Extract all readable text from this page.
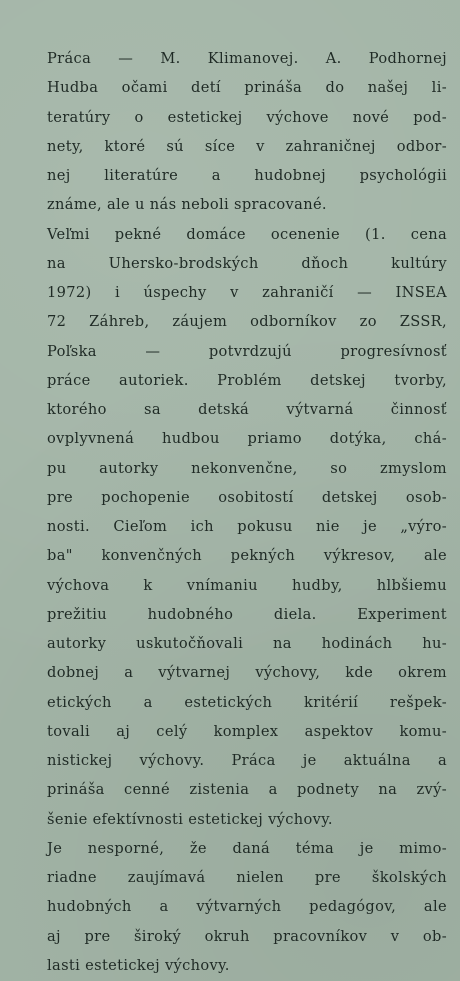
Práca — M. Klimanovej. A. Podhornej
Hudba očami detí prináša do našej li-
teratúry o estetickej výchove nové pod-
nety, ktoré sú síce v zahraničnej odbor-
nej literatúre a hudobnej psychológii
známe, ale u nás neboli spracované.
Veľmi pekné domáce ocenenie (1. cena
na Uhersko-brodských dňoch kultúry
1972) i úspechy v zahraničí — INSEA
72 Záhreb, záujem odborníkov zo ZSSR,
Poľska — potvrdzujú progresívnosť
práce autoriek. Problém detskej tvorby,
ktorého sa detská výtvarná činnosť
ovplyvnená hudbou priamo dotýka, chá-
pu autorky nekonvenčne, so zmyslom
pre pochopenie osobitostí detskej osob-
nosti. Cieľom ich pokusu nie je „výro-
ba" konvenčných pekných výkresov, ale
výchova k vnímaniu hudby, hlbšiemu
prežitiu hudobného diela. Experiment
autorky uskutočňovali na hodinách hu-
dobnej a výtvarnej výchovy, kde okrem
etických a estetických kritérií rešpek-
tovali aj celý komplex aspektov komu-
nistickej výchovy. Práca je aktuálna a
prináša cenné zistenia a podnety na zvý-
šenie efektívnosti estetickej výchovy.
Je nesporné, že daná téma je mimo-
riadne zaujímavá nielen pre školských
hudobných a výtvarných pedagógov, ale
aj pre široký okruh pracovníkov v ob-
lasti estetickej výchovy.
